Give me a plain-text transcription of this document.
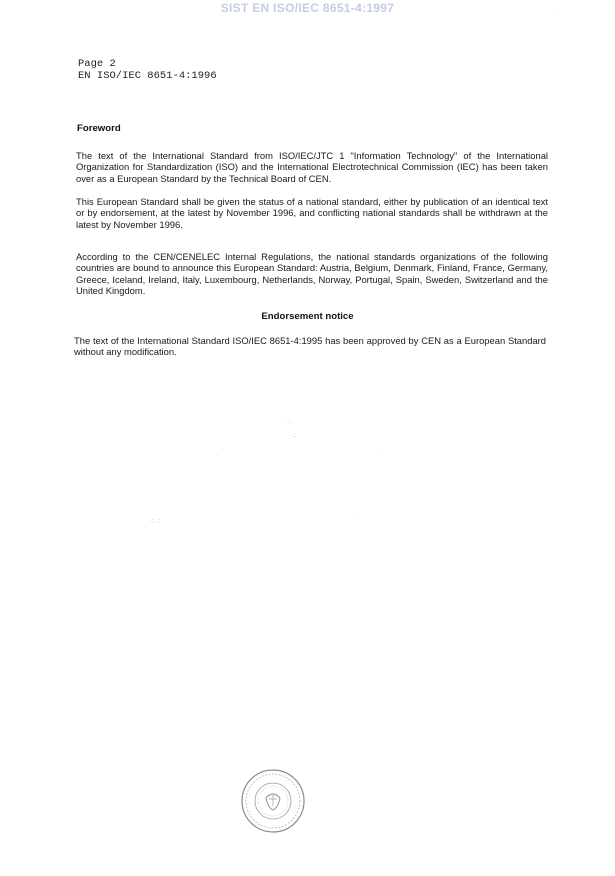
SIST EN ISO/IEC 8651-4:1997
Page 2
EN ISO/IEC 8651-4:1996
Foreword
The text of the International Standard from ISO/IEC/JTC 1 "Information Technology" of the International Organization for Standardization (ISO) and the International Electrotechnical Commission (IEC) has been taken over as a European Standard by the Technical Board of CEN.
This European Standard shall be given the status of a national standard, either by publication of an identical text or by endorsement, at the latest by November 1996, and conflicting national standards shall be withdrawn at the latest by November 1996.
According to the CEN/CENELEC Internal Regulations, the national standards organizations of the following countries are bound to announce this European Standard: Austria, Belgium, Denmark, Finland, France, Germany, Greece, Iceland, Ireland, Italy, Luxembourg, Netherlands, Norway, Portugal, Spain, Sweden, Switzerland and the United Kingdom.
Endorsement notice
The text of the International Standard ISO/IEC 8651-4:1995 has been approved by CEN as a European Standard without any modification.
·:·
·.:
·	·
·: ·:
·
·
